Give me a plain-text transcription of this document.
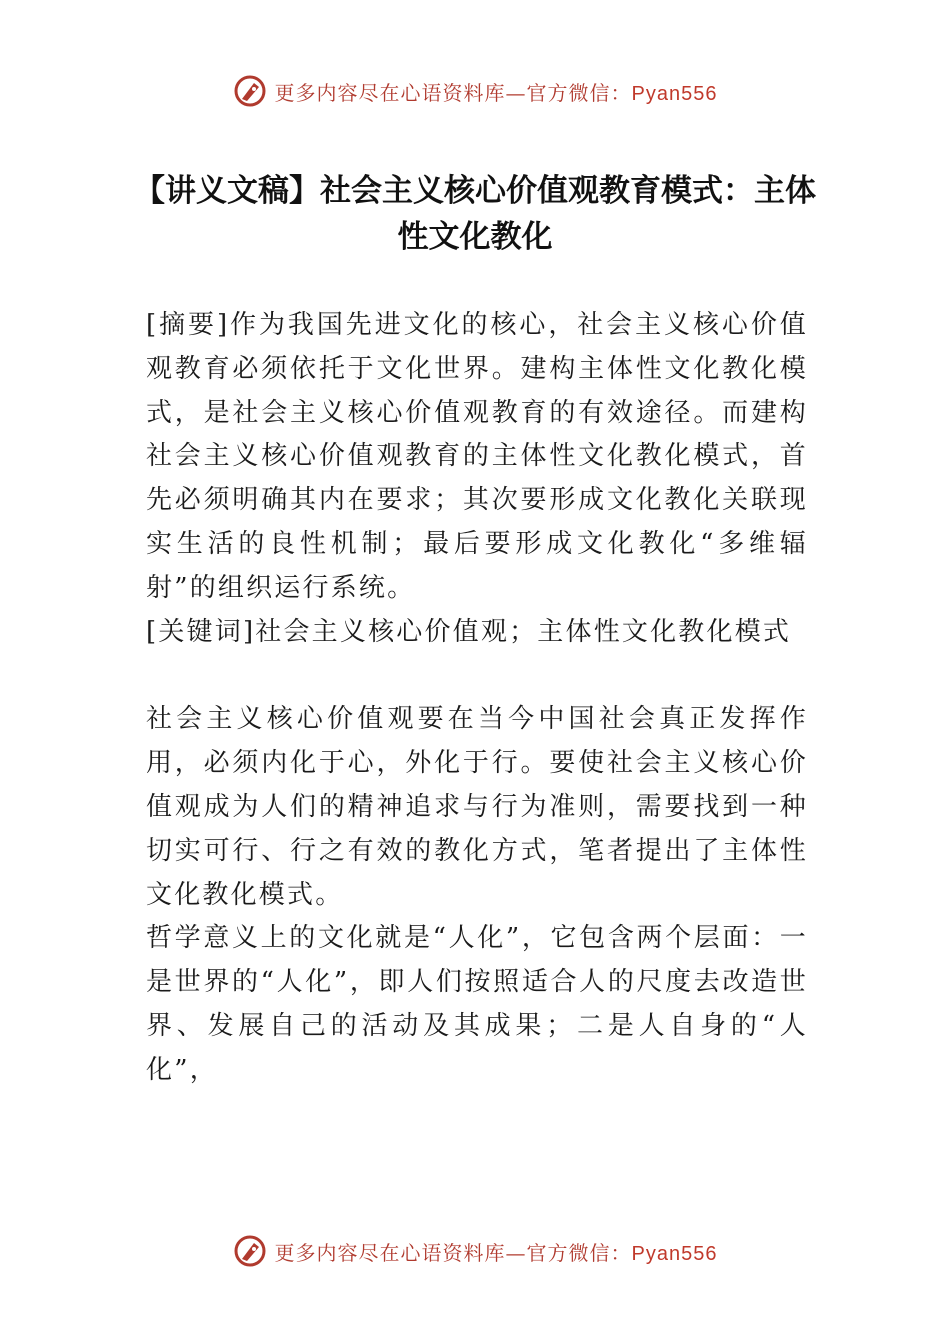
更多内容尽在心语资料库—官方微信：Pyan556
【讲义文稿】社会主义核心价值观教育模式：主体性文化教化

[摘要]作为我国先进文化的核心，社会主义核心价值观教育必须依托于文化世界。建构主体性文化教化模式，是社会主义核心价值观教育的有效途径。而建构社会主义核心价值观教育的主体性文化教化模式，首先必须明确其内在要求；其次要形成文化教化关联现实生活的良性机制；最后要形成文化教化“多维辐射”的组织运行系统。

[关键词]社会主义核心价值观；主体性文化教化模式

社会主义核心价值观要在当今中国社会真正发挥作用，必须内化于心，外化于行。要使社会主义核心价值观成为人们的精神追求与行为准则，需要找到一种切实可行、行之有效的教化方式，笔者提出了主体性文化教化模式。

哲学意义上的文化就是“人化”，它包含两个层面：一是世界的“人化”，即人们按照适合人的尺度去改造世界、发展自己的活动及其成果；二是人自身的“人化”，

更多内容尽在心语资料库—官方微信：Pyan556
